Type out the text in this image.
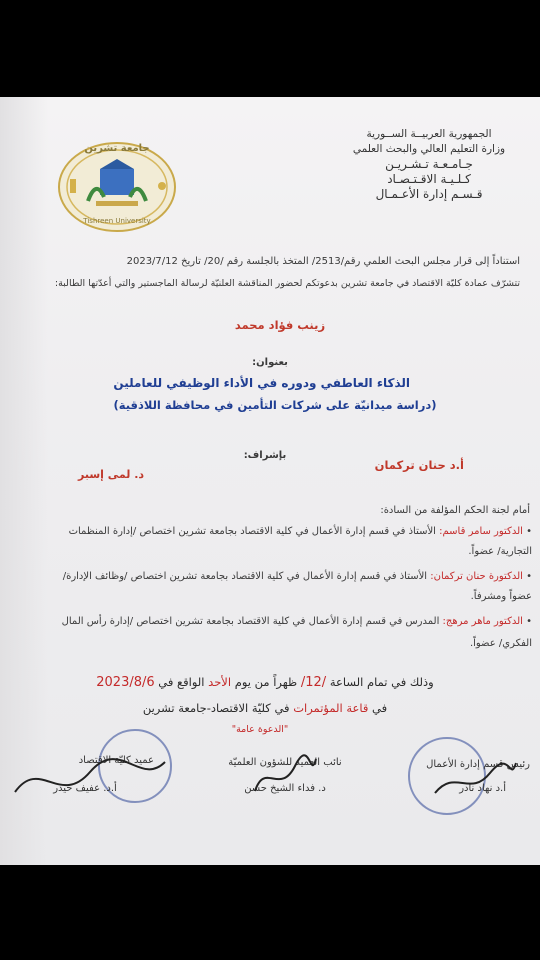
الجمهورية العربيــة الســورية
وزارة التعليم العالي والبحث العلمي
جـامـعـة تـشـريـن
كـلـيـة الاقـتـصـاد
قـسـم إدارة الأعـمـال
جامعة تشرين
Tishreen University
استناداً إلى قرار مجلس البحث العلمي رقم/2513/ المتخذ بالجلسة رقم /20/ تاريخ 2023/7/12
تتشرّف عمادة كليّة الاقتصاد في جامعة تشرين بدعوتكم لحضور المناقشة العلنيّة لرسالة الماجستير والتي أعدّتها الطالبة:
زينب فؤاد محمد
بعنوان:
الذكاء العاطفي ودوره في الأداء الوظيفي للعاملين
(دراسة ميدانيّة على شركات التأمين في محافظة اللاذقية)
بإشراف:
أ.د حنان تركمان
د. لمى إسبر
أمام لجنة الحكم المؤلفة من السادة:
• الدكتور سامر قاسم: الأستاذ في قسم إدارة الأعمال في كلية الاقتصاد بجامعة تشرين اختصاص /إدارة المنظمات
التجارية/ عضواً.
• الدكتورة حنان تركمان: الأستاذ في قسم إدارة الأعمال في كلية الاقتصاد بجامعة تشرين اختصاص /وظائف الإدارة/
عضواً ومشرفاً.
• الدكتور ماهر مرهج: المدرس في قسم إدارة الأعمال في كلية الاقتصاد بجامعة تشرين اختصاص /إدارة رأس المال
الفكري/ عضواً.
وذلك في تمام الساعة /12/ ظهراً من يوم الأحد الواقع في 2023/8/6
في قاعة المؤتمرات في كليّة الاقتصاد-جامعة تشرين
"الدعوة عامة"
رئيس قسم إدارة الأعمال
أ.د نهاد نادر
نائب العميد للشؤون العلميّة
د. فداء الشيخ حسن
عميد كليّة الاقتصاد
أ.د. عفيف حيدر
